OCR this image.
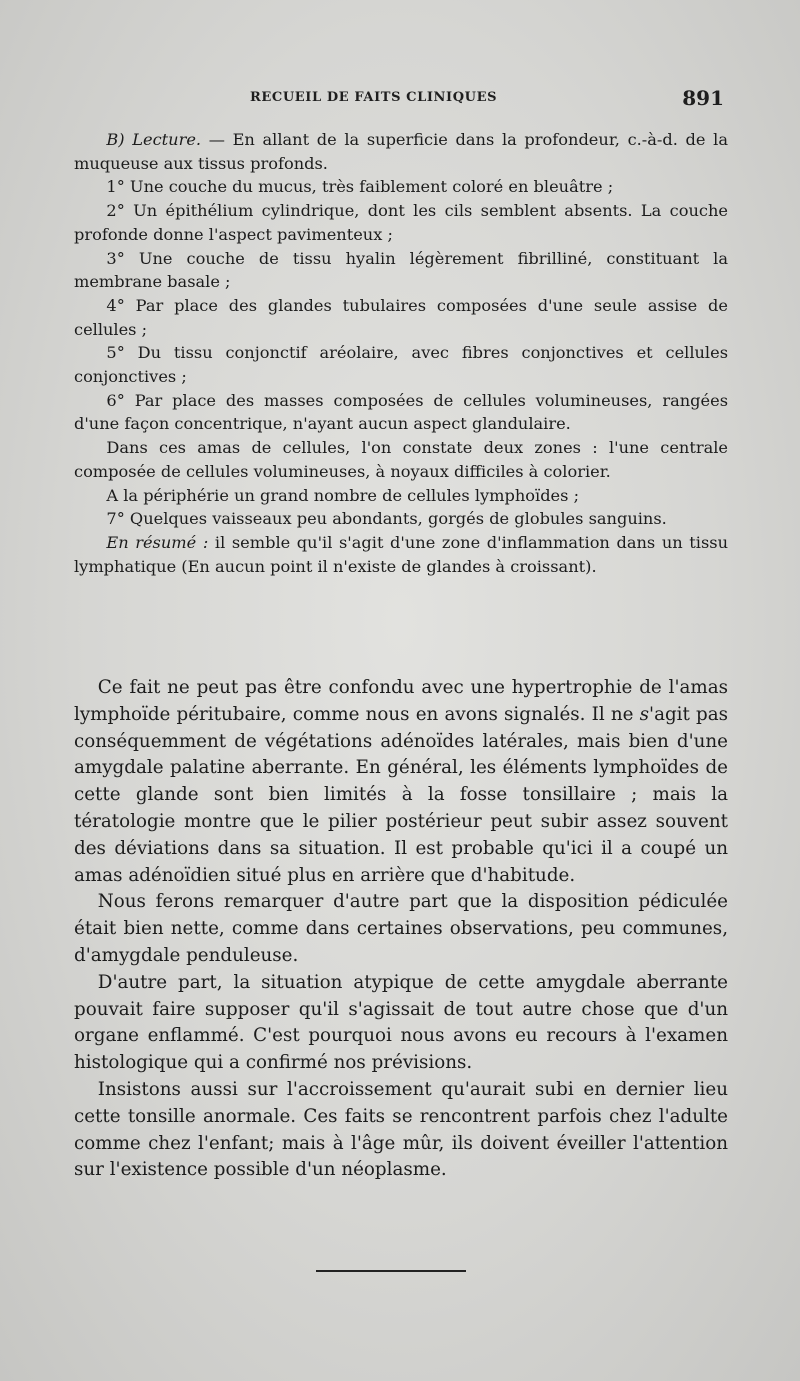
RECUEIL DE FAITS CLINIQUES	891

B) Lecture. — En allant de la superficie dans la profondeur, c.-à-d. de la muqueuse aux tissus profonds.

1° Une couche du mucus, très faiblement coloré en bleuâtre ;

2° Un épithélium cylindrique, dont les cils semblent absents. La couche profonde donne l'aspect pavimenteux ;

3° Une couche de tissu hyalin légèrement fibrilliné, constituant la membrane basale ;

4° Par place des glandes tubulaires composées d'une seule assise de cellules ;

5° Du tissu conjonctif aréolaire, avec fibres conjonctives et cellules conjonctives ;

6° Par place des masses composées de cellules volumineuses, rangées d'une façon concentrique, n'ayant aucun aspect glandulaire.

Dans ces amas de cellules, l'on constate deux zones : l'une centrale composée de cellules volumineuses, à noyaux difficiles à colorier.

A la périphérie un grand nombre de cellules lymphoïdes ;

7° Quelques vaisseaux peu abondants, gorgés de globules sanguins.

En résumé : il semble qu'il s'agit d'une zone d'inflammation dans un tissu lymphatique (En aucun point il n'existe de glandes à croissant).

Ce fait ne peut pas être confondu avec une hypertrophie de l'amas lymphoïde péritubaire, comme nous en avons signalés. Il ne s'agit pas conséquemment de végétations adénoïdes latérales, mais bien d'une amygdale palatine aberrante. En général, les éléments lymphoïdes de cette glande sont bien limités à la fosse tonsillaire ; mais la tératologie montre que le pilier postérieur peut subir assez souvent des déviations dans sa situation. Il est probable qu'ici il a coupé un amas adénoïdien situé plus en arrière que d'habitude.

Nous ferons remarquer d'autre part que la disposition pédiculée était bien nette, comme dans certaines observations, peu communes, d'amygdale penduleuse.

D'autre part, la situation atypique de cette amygdale aberrante pouvait faire supposer qu'il s'agissait de tout autre chose que d'un organe enflammé. C'est pourquoi nous avons eu recours à l'examen histologique qui a confirmé nos prévisions.

Insistons aussi sur l'accroissement qu'aurait subi en dernier lieu cette tonsille anormale. Ces faits se rencontrent parfois chez l'adulte comme chez l'enfant; mais à l'âge mûr, ils doivent éveiller l'attention sur l'existence possible d'un néoplasme.
